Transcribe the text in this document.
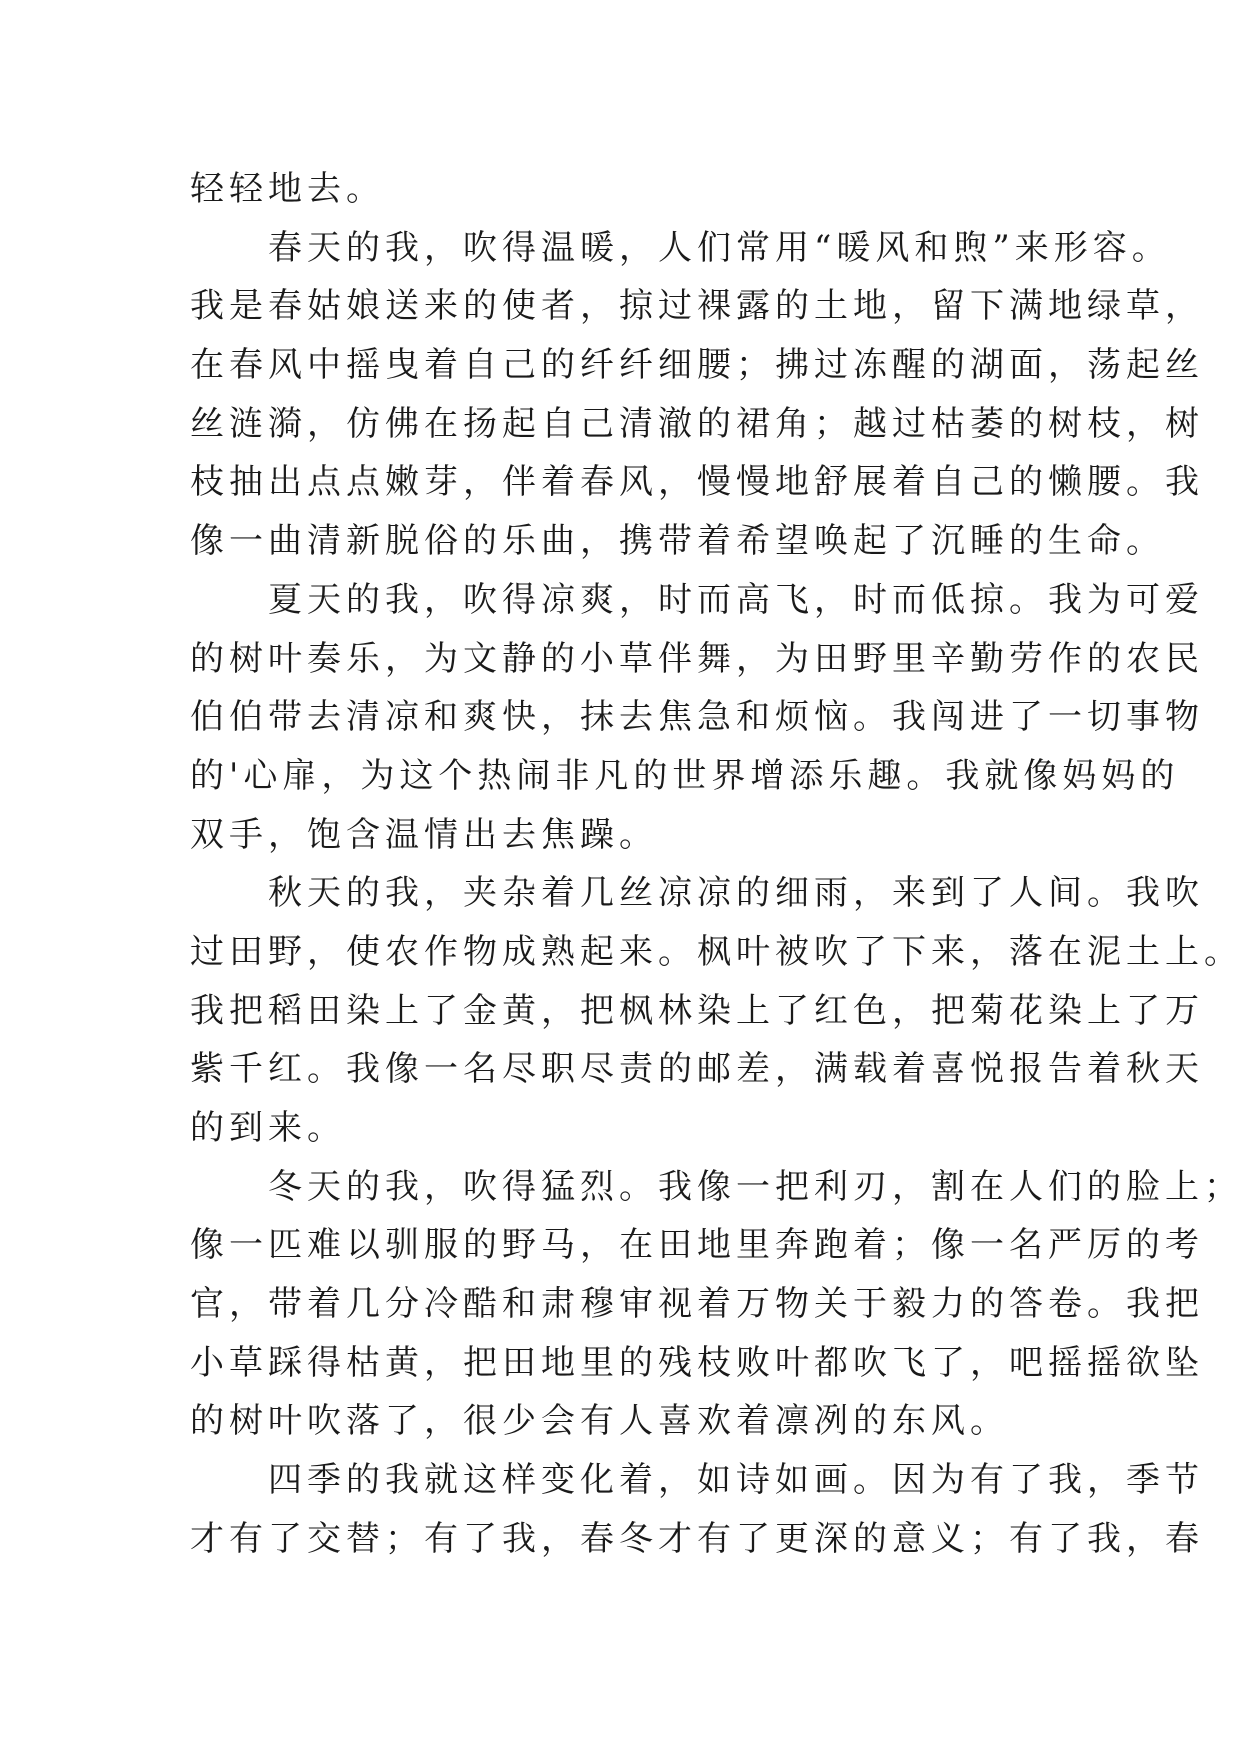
轻轻地去。
　　春天的我，吹得温暖，人们常用“暖风和煦”来形容。
我是春姑娘送来的使者，掠过裸露的土地，留下满地绿草，
在春风中摇曳着自己的纤纤细腰；拂过冻醒的湖面，荡起丝
丝涟漪，仿佛在扬起自己清澈的裙角；越过枯萎的树枝，树
枝抽出点点嫩芽，伴着春风，慢慢地舒展着自己的懒腰。我
像一曲清新脱俗的乐曲，携带着希望唤起了沉睡的生命。
　　夏天的我，吹得凉爽，时而高飞，时而低掠。我为可爱
的树叶奏乐，为文静的小草伴舞，为田野里辛勤劳作的农民
伯伯带去清凉和爽快，抹去焦急和烦恼。我闯进了一切事物
的'心扉，为这个热闹非凡的世界增添乐趣。我就像妈妈的
双手，饱含温情出去焦躁。
　　秋天的我，夹杂着几丝凉凉的细雨，来到了人间。我吹
过田野，使农作物成熟起来。枫叶被吹了下来，落在泥土上。
我把稻田染上了金黄，把枫林染上了红色，把菊花染上了万
紫千红。我像一名尽职尽责的邮差，满载着喜悦报告着秋天
的到来。
　　冬天的我，吹得猛烈。我像一把利刃，割在人们的脸上；
像一匹难以驯服的野马，在田地里奔跑着；像一名严厉的考
官，带着几分冷酷和肃穆审视着万物关于毅力的答卷。我把
小草踩得枯黄，把田地里的残枝败叶都吹飞了，吧摇摇欲坠
的树叶吹落了，很少会有人喜欢着凛冽的东风。
　　四季的我就这样变化着，如诗如画。因为有了我，季节
才有了交替；有了我，春冬才有了更深的意义；有了我，春
